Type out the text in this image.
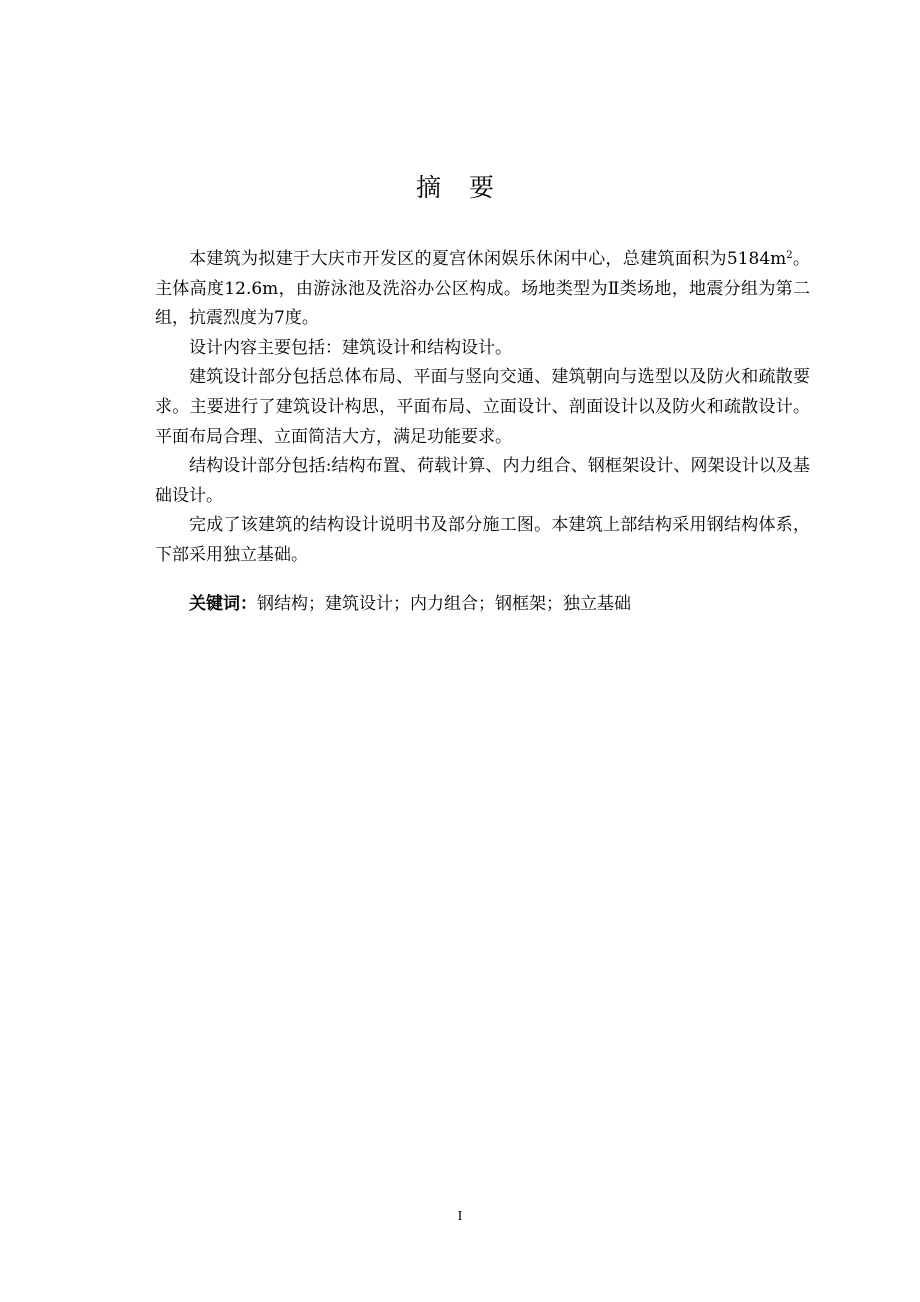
摘 要

本建筑为拟建于大庆市开发区的夏宫休闲娱乐休闲中心，总建筑面积为$5184m^2$。主体高度12.6m，由游泳池及洗浴办公区构成。场地类型为Ⅱ类场地，地震分组为第二组，抗震烈度为7度。

设计内容主要包括：建筑设计和结构设计。

建筑设计部分包括总体布局、平面与竖向交通、建筑朝向与选型以及防火和疏散要求。主要进行了建筑设计构思，平面布局、立面设计、剖面设计以及防火和疏散设计。平面布局合理、立面简洁大方，满足功能要求。

结构设计部分包括:结构布置、荷载计算、内力组合、钢框架设计、网架设计以及基础设计。

完成了该建筑的结构设计说明书及部分施工图。本建筑上部结构采用钢结构体系，下部采用独立基础。

关键词：钢结构；建筑设计；内力组合；钢框架；独立基础
I
